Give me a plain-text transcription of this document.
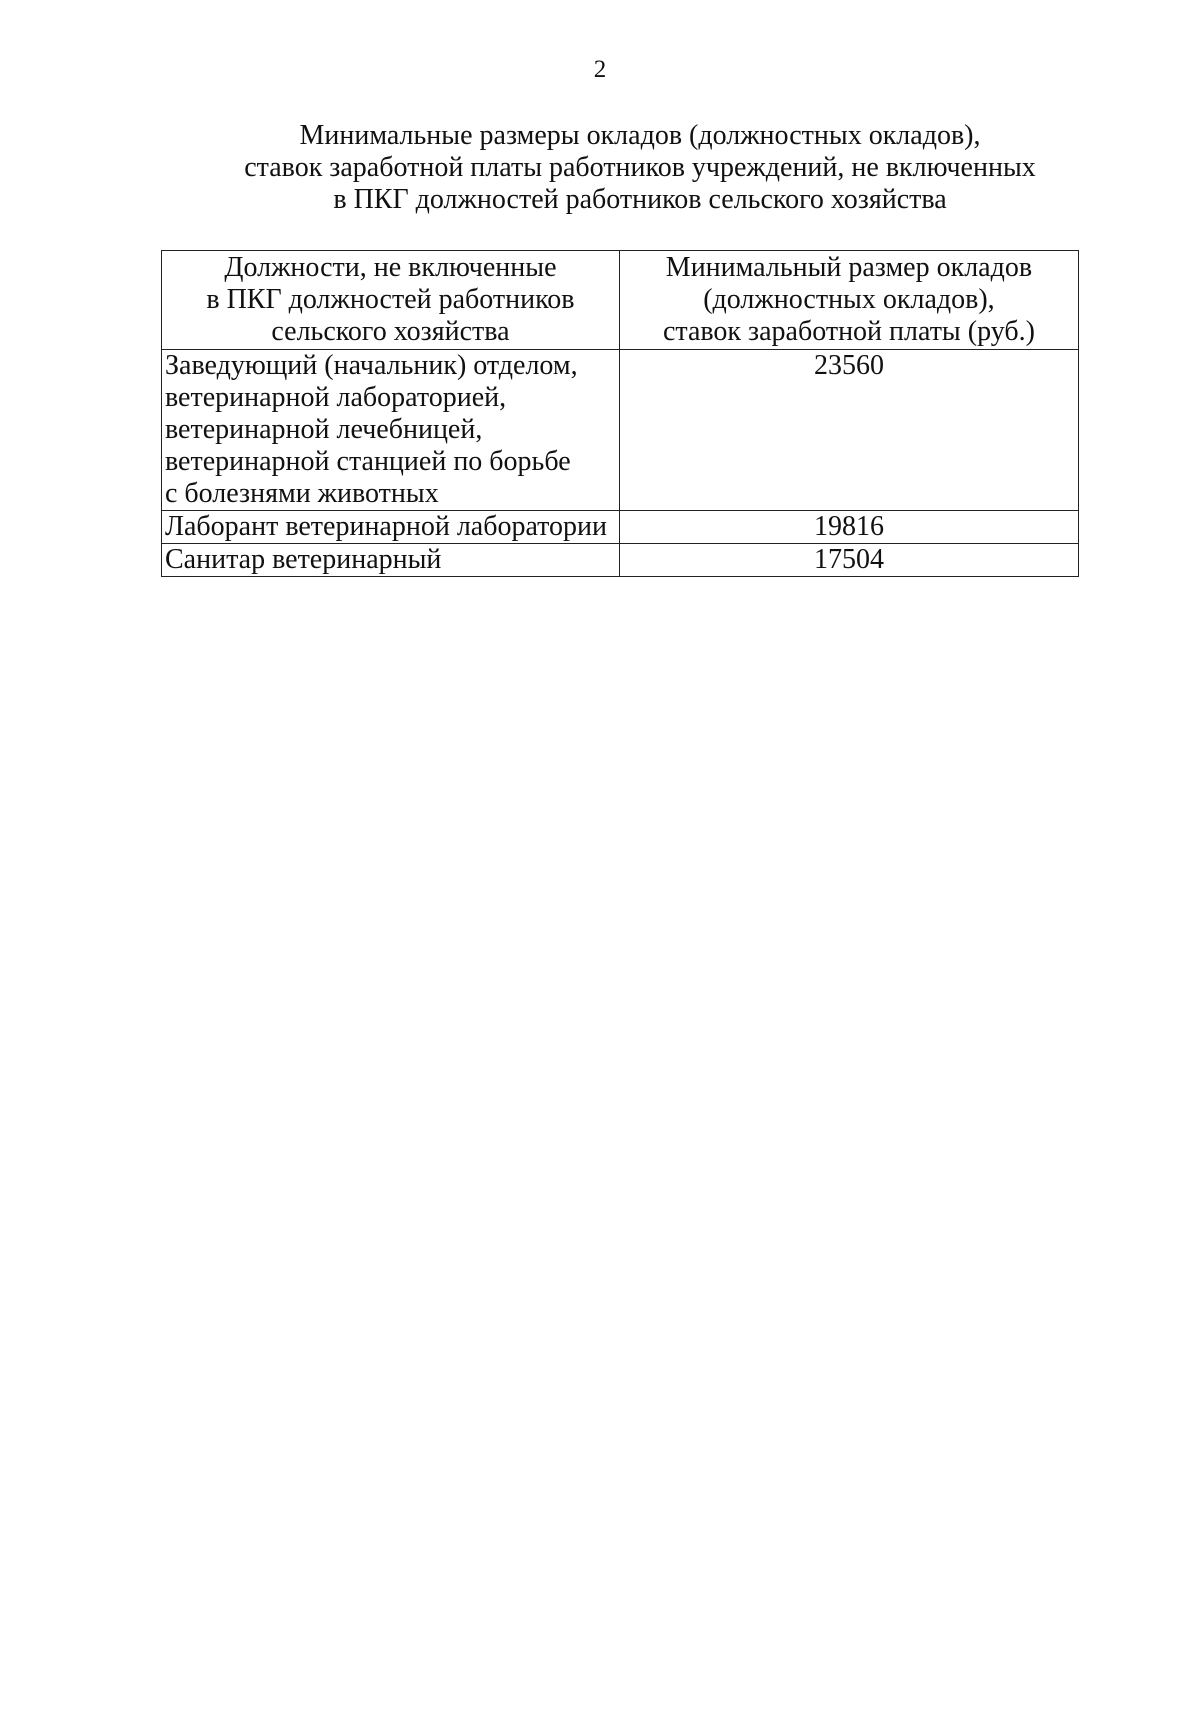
2
Минимальные размеры окладов (должностных окладов),
ставок заработной платы работников учреждений, не включенных
в ПКГ должностей работников сельского хозяйства
Должности, не включенные
в ПКГ должностей работников
сельского хозяйства	Минимальный размер окладов
(должностных окладов),
ставок заработной платы (руб.)

Заведующий (начальник) отделом,
ветеринарной лабораторией,
ветеринарной лечебницей,
ветеринарной станцией по борьбе
с болезнями животных	23560

Лаборант ветеринарной лаборатории	19816

Санитар ветеринарный	17504
